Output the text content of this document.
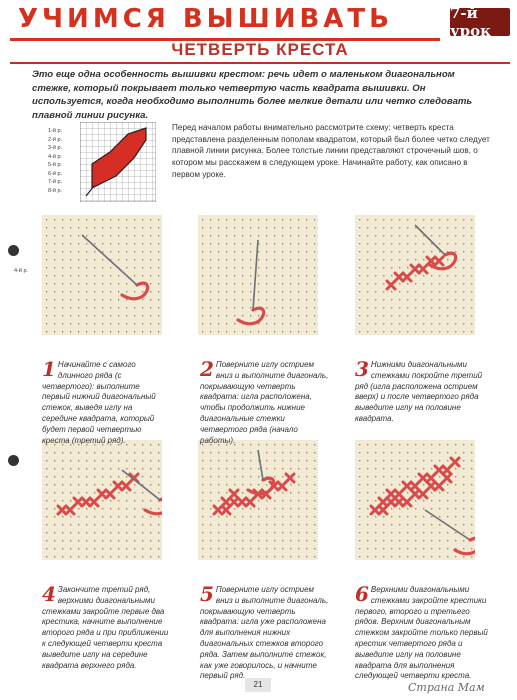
УЧИМСЯ ВЫШИВАТЬ	7-й урок
ЧЕТВЕРТЬ КРЕСТА
Это еще одна особенность вышивки крестом: речь идет о маленьком диагональном стежке, который покрывает только четвертую часть квадрата вышивки. Он используется, когда необходимо выполнить более мелкие детали или четко следовать плавной линии рисунка.
1-й р.
2-й р.
3-й р.
4-й р.
5-й р.
6-й р.
7-й р.
8-й р.
Перед началом работы внимательно рассмотрите схему: четверть креста представлена разделенным пополам квадратом, который был более четко следует плавной линии рисунка. Более толстые линии представляют строчечный шов, о котором мы расскажем в следующем уроке. Начинайте работу, как описано в первом уроке.
4-й р.
1 Начинайте с самого длинного ряда (с четвертого): выполните первый нижний диагональный стежок, выведя иглу на середине квадрата, который будет первой четвертью креста (третий ряд).
2 Поверните иглу острием вниз и выполните диагональ, покрывающую четверть квадрата: игла расположена, чтобы продолжить нижние диагональные стежки четвертого ряда (начало работы).
3 Нижними диагональными стежками покройте третий ряд (игла расположена острием вверх) и после четвертого ряда выведите иглу на половине квадрата.
4 Закончите третий ряд, верхними диагональными стежками закройте первые два крестика, начните выполнение второго ряда и при приближении к следующей четверти креста выведите иглу на середине квадрата верхнего ряда.
5 Поверните иглу острием вниз и выполните диагональ, покрывающую четверть квадрата: игла уже расположена для выполнения нижних диагональных стежков второго ряда. Затем выполните стежок, как уже говорилось, и начните первый ряд.
6 Верхними диагональными стежками закройте крестики первого, второго и третьего рядов. Верхним диагональным стежком закройте только первый крестик четвертого ряда и выведите иглу на половине квадрата для выполнения следующей четверти креста.
21	Страна Мам
